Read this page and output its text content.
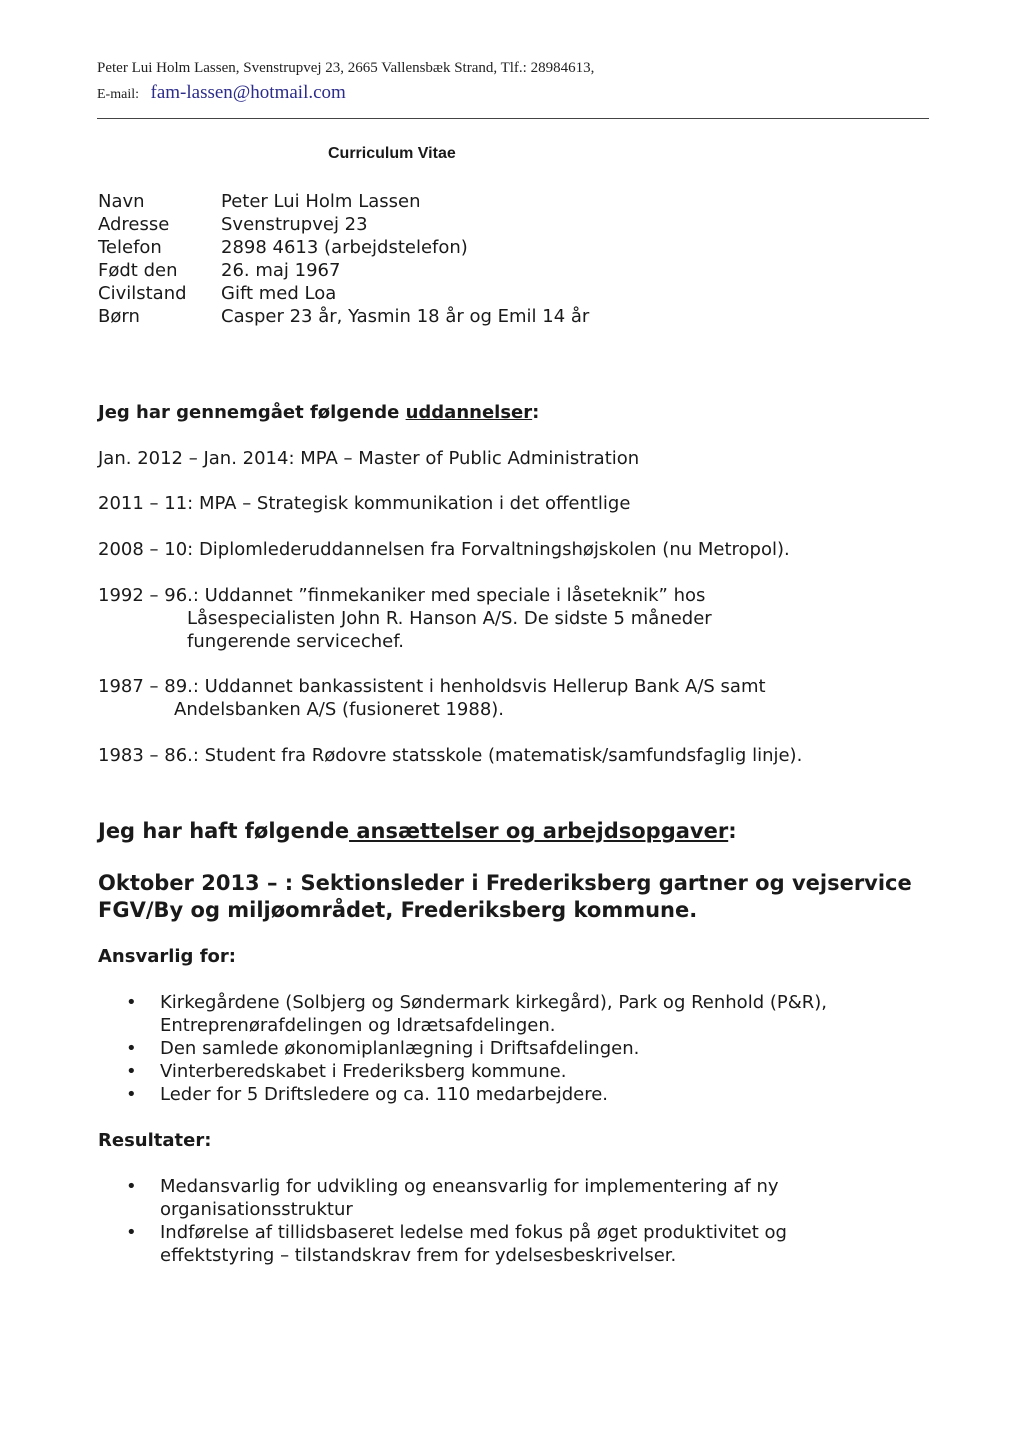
Peter Lui Holm Lassen, Svenstrupvej 23, 2665 Vallensbæk Strand, Tlf.: 28984613,
E-mail: fam-lassen@hotmail.com
Curriculum Vitae
Navn	Peter Lui Holm Lassen
Adresse	Svenstrupvej 23
Telefon	2898 4613 (arbejdstelefon)
Født den	26. maj 1967
Civilstand	Gift med Loa
Børn	Casper 23 år, Yasmin 18 år og Emil 14 år
Jeg har gennemgået følgende uddannelser:
Jan. 2012 – Jan. 2014: MPA – Master of Public Administration
2011 – 11: MPA – Strategisk kommunikation i det offentlige
2008 – 10: Diplomlederuddannelsen fra Forvaltningshøjskolen (nu Metropol).
1992 – 96.: Uddannet ”finmekaniker med speciale i låseteknik” hos
Låsespecialisten John R. Hanson A/S. De sidste 5 måneder
fungerende servicechef.
1987 – 89.: Uddannet bankassistent i henholdsvis Hellerup Bank A/S samt
Andelsbanken A/S (fusioneret 1988).
1983 – 86.: Student fra Rødovre statsskole (matematisk/samfundsfaglig linje).
Jeg har haft følgende ansættelser og arbejdsopgaver:
Oktober 2013 – : Sektionsleder i Frederiksberg gartner og vejservice
FGV/By og miljøområdet, Frederiksberg kommune.
Ansvarlig for:
• Kirkegårdene (Solbjerg og Søndermark kirkegård), Park og Renhold (P&R),
Entreprenørafdelingen og Idrætsafdelingen.
• Den samlede økonomiplanlægning i Driftsafdelingen.
• Vinterberedskabet i Frederiksberg kommune.
• Leder for 5 Driftsledere og ca. 110 medarbejdere.
Resultater:
• Medansvarlig for udvikling og eneansvarlig for implementering af ny
organisationsstruktur
• Indførelse af tillidsbaseret ledelse med fokus på øget produktivitet og
effektstyring – tilstandskrav frem for ydelsesbeskrivelser.
